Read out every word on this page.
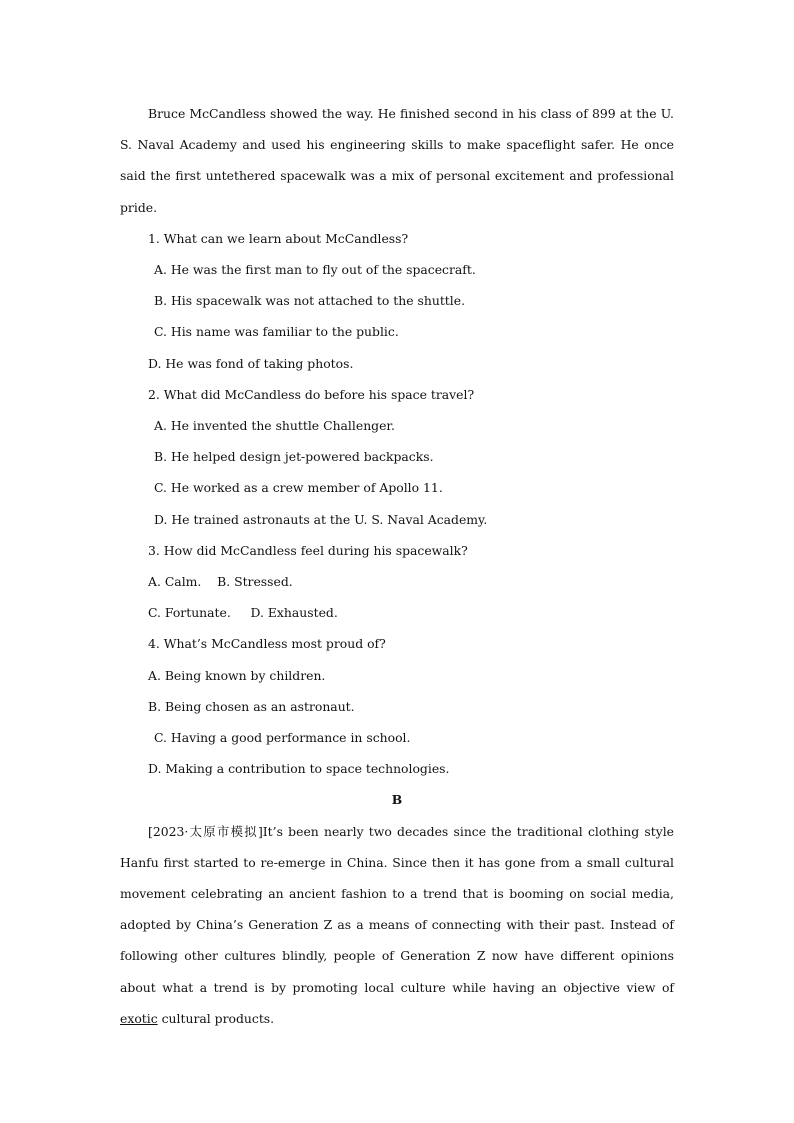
Bruce McCandless showed the way. He finished second in his class of 899 at the U. S. Naval Academy and used his engineering skills to make spaceflight safer. He once said the first untethered spacewalk was a mix of personal excitement and professional pride.

1. What can we learn about McCandless?

A. He was the first man to fly out of the spacecraft.

B. His spacewalk was not attached to the shuttle.

C. His name was familiar to the public.

D. He was fond of taking photos.

2. What did McCandless do before his space travel?

A. He invented the shuttle Challenger.

B. He helped design jet-powered backpacks.

C. He worked as a crew member of Apollo 11.

D. He trained astronauts at the U. S. Naval Academy.

3. How did McCandless feel during his spacewalk?

A. Calm.    B. Stressed.

C. Fortunate.     D. Exhausted.

4. What’s McCandless most proud of?

A. Being known by children.

B. Being chosen as an astronaut.

C. Having a good performance in school.

D. Making a contribution to space technologies.

B

[2023·太原市模拟]It’s been nearly two decades since the traditional clothing style Hanfu first started to re-emerge in China. Since then it has gone from a small cultural movement celebrating an ancient fashion to a trend that is booming on social media, adopted by China’s Generation Z as a means of connecting with their past. Instead of following other cultures blindly, people of Generation Z now have different opinions about what a trend is by promoting local culture while having an objective view of exotic cultural products.
